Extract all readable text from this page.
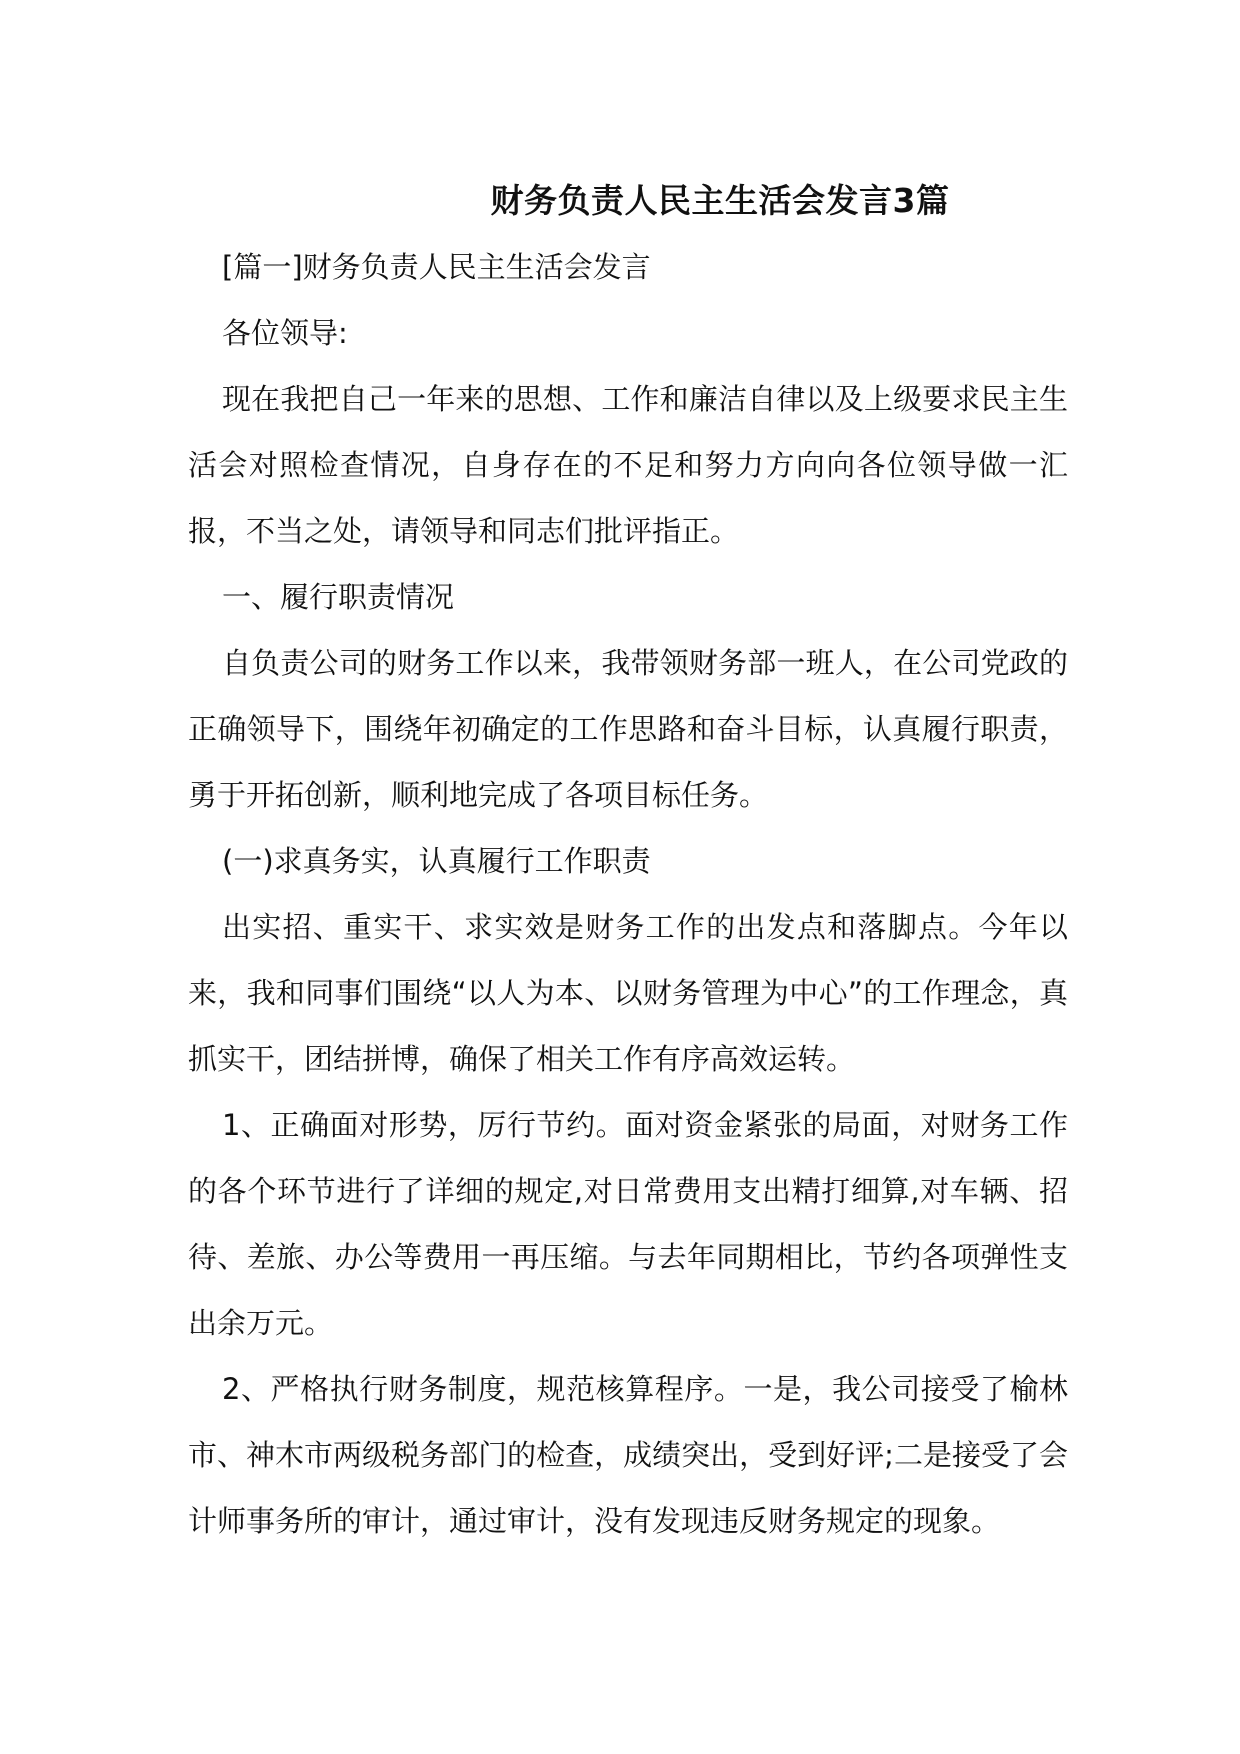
财务负责人民主生活会发言3篇

[篇一]财务负责人民主生活会发言

各位领导:

现在我把自己一年来的思想、工作和廉洁自律以及上级要求民主生活会对照检查情况，自身存在的不足和努力方向向各位领导做一汇报，不当之处，请领导和同志们批评指正。

一、履行职责情况

自负责公司的财务工作以来，我带领财务部一班人，在公司党政的正确领导下，围绕年初确定的工作思路和奋斗目标，认真履行职责，勇于开拓创新，顺利地完成了各项目标任务。

(一)求真务实，认真履行工作职责

出实招、重实干、求实效是财务工作的出发点和落脚点。今年以来，我和同事们围绕“以人为本、以财务管理为中心”的工作理念，真抓实干，团结拼博，确保了相关工作有序高效运转。

1、正确面对形势，厉行节约。面对资金紧张的局面，对财务工作的各个环节进行了详细的规定,对日常费用支出精打细算,对车辆、招待、差旅、办公等费用一再压缩。与去年同期相比，节约各项弹性支出余万元。

2、严格执行财务制度，规范核算程序。一是，我公司接受了榆林市、神木市两级税务部门的检查，成绩突出，受到好评;二是接受了会计师事务所的审计，通过审计，没有发现违反财务规定的现象。
